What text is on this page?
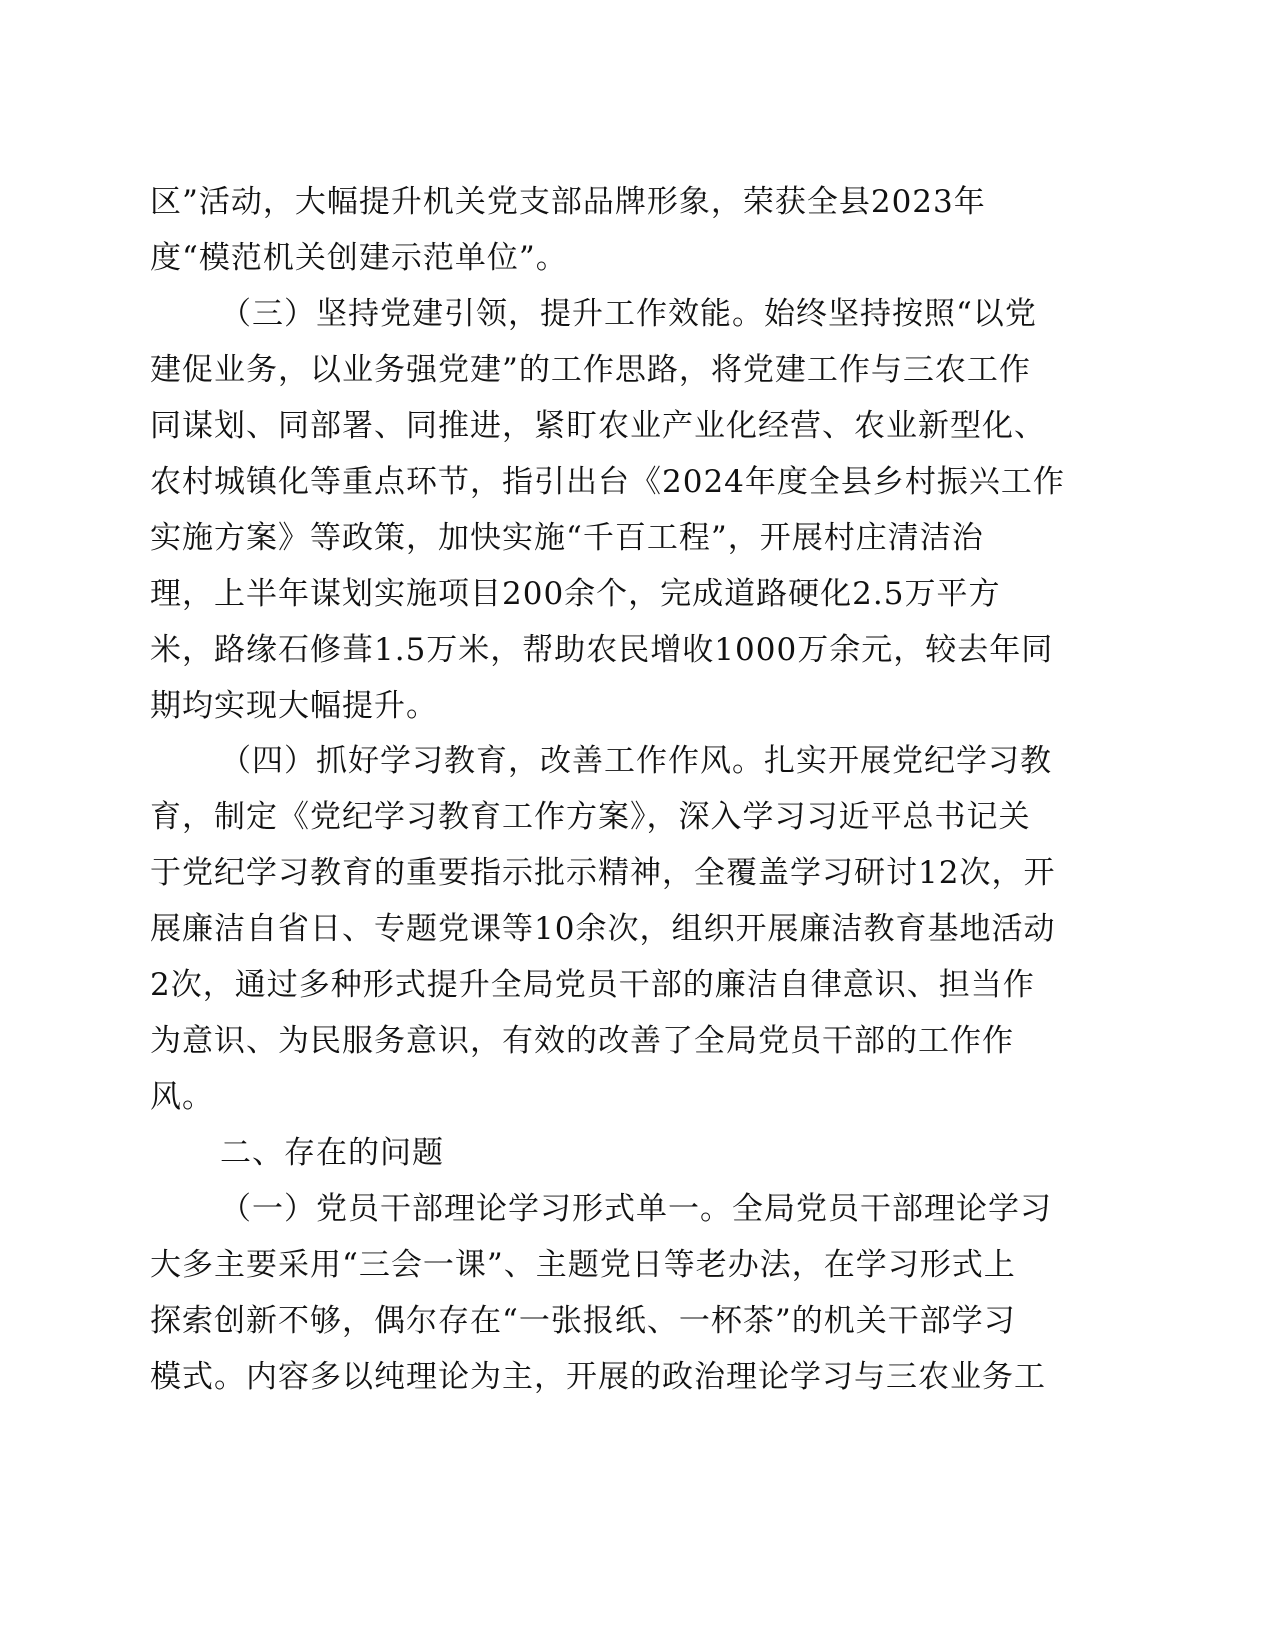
区”活动，大幅提升机关党支部品牌形象，荣获全县2023年
度“模范机关创建示范单位”。
（三）坚持党建引领，提升工作效能。始终坚持按照“以党
建促业务，以业务强党建”的工作思路，将党建工作与三农工作
同谋划、同部署、同推进，紧盯农业产业化经营、农业新型化、
农村城镇化等重点环节，指引出台《2024年度全县乡村振兴工作
实施方案》等政策，加快实施“千百工程”，开展村庄清洁治
理，上半年谋划实施项目200余个，完成道路硬化2.5万平方
米，路缘石修葺1.5万米，帮助农民增收1000万余元，较去年同
期均实现大幅提升。
（四）抓好学习教育，改善工作作风。扎实开展党纪学习教
育，制定《党纪学习教育工作方案》，深入学习习近平总书记关
于党纪学习教育的重要指示批示精神，全覆盖学习研讨12次，开
展廉洁自省日、专题党课等10余次，组织开展廉洁教育基地活动
2次，通过多种形式提升全局党员干部的廉洁自律意识、担当作
为意识、为民服务意识，有效的改善了全局党员干部的工作作
风。
二、存在的问题
（一）党员干部理论学习形式单一。全局党员干部理论学习
大多主要采用“三会一课”、主题党日等老办法，在学习形式上
探索创新不够，偶尔存在“一张报纸、一杯茶”的机关干部学习
模式。内容多以纯理论为主，开展的政治理论学习与三农业务工
